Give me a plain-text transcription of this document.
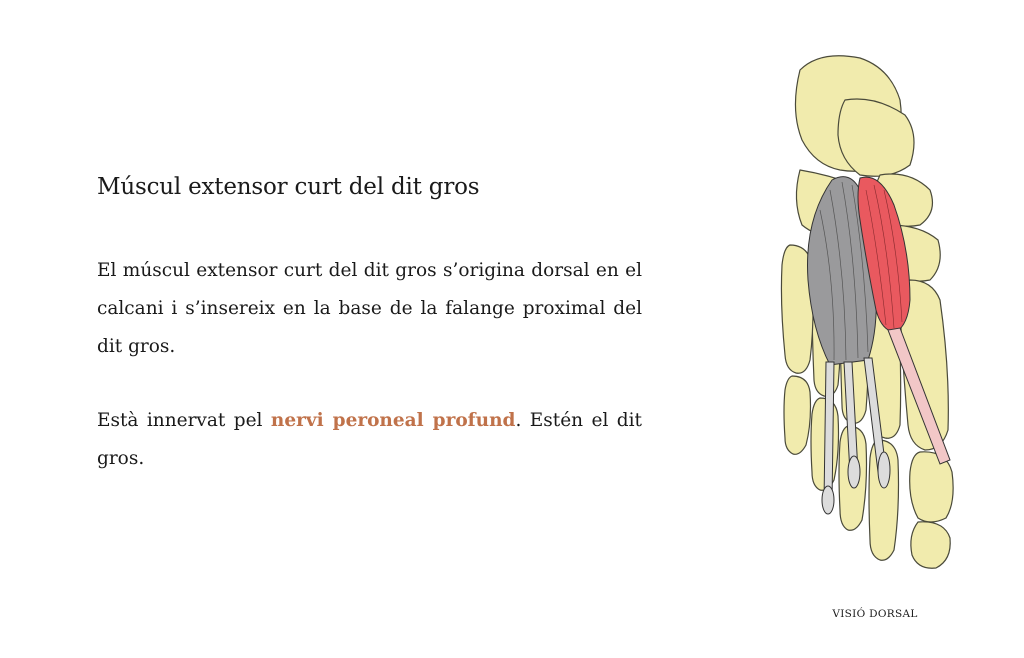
Múscul extensor curt del dit gros

El múscul extensor curt del dit gros s’origina dorsal en el calcani i s’insereix en la base de la falange proximal del dit gros.

Està innervat pel nervi peroneal profund. Estén el dit gros.

VISIÓ DORSAL
